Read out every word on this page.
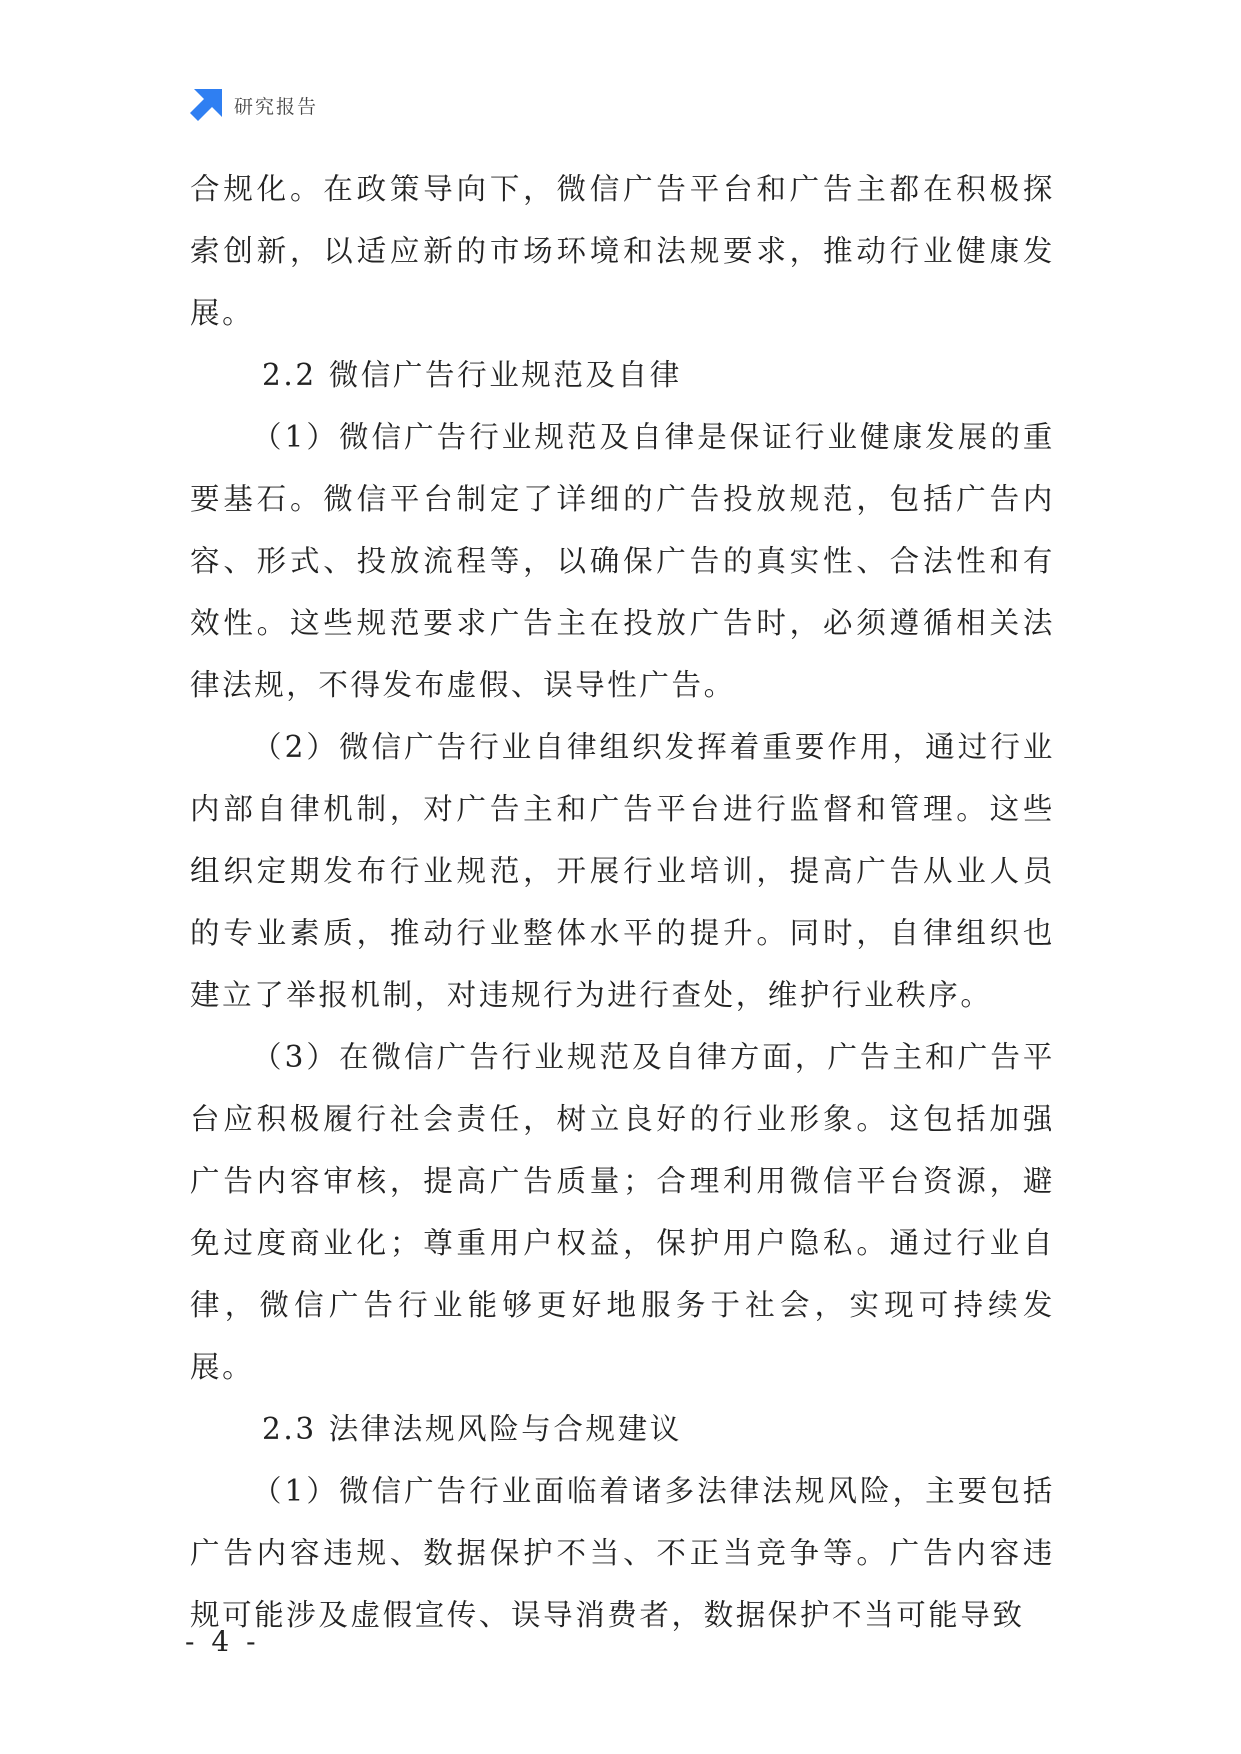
研究报告

合规化。在政策导向下，微信广告平台和广告主都在积极探索创新，以适应新的市场环境和法规要求，推动行业健康发展。

2.2 微信广告行业规范及自律

（1）微信广告行业规范及自律是保证行业健康发展的重要基石。微信平台制定了详细的广告投放规范，包括广告内容、形式、投放流程等，以确保广告的真实性、合法性和有效性。这些规范要求广告主在投放广告时，必须遵循相关法律法规，不得发布虚假、误导性广告。

（2）微信广告行业自律组织发挥着重要作用，通过行业内部自律机制，对广告主和广告平台进行监督和管理。这些组织定期发布行业规范，开展行业培训，提高广告从业人员的专业素质，推动行业整体水平的提升。同时，自律组织也建立了举报机制，对违规行为进行查处，维护行业秩序。

（3）在微信广告行业规范及自律方面，广告主和广告平台应积极履行社会责任，树立良好的行业形象。这包括加强广告内容审核，提高广告质量；合理利用微信平台资源，避免过度商业化；尊重用户权益，保护用户隐私。通过行业自律，微信广告行业能够更好地服务于社会，实现可持续发展。

2.3 法律法规风险与合规建议

（1）微信广告行业面临着诸多法律法规风险，主要包括广告内容违规、数据保护不当、不正当竞争等。广告内容违规可能涉及虚假宣传、误导消费者，数据保护不当可能导致

- 4 -
